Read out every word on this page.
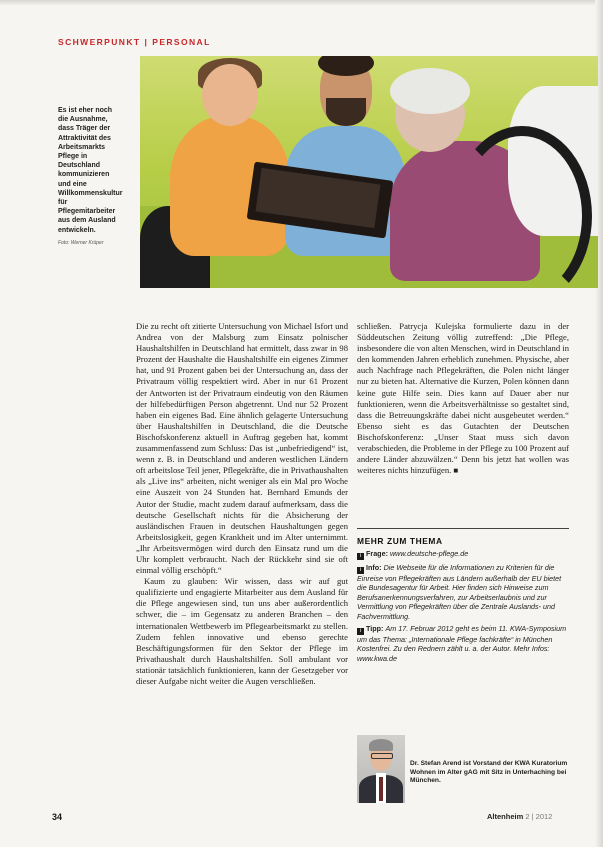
SCHWERPUNKT | PERSONAL
Es ist eher noch die Ausnahme, dass Träger der Attraktivität des Arbeitsmarkts Pflege in Deutschland kommunizieren und eine Willkommenskultur für Pflegemitarbeiter aus dem Ausland entwickeln.
Foto: Werner Krüper

Die zu recht oft zitierte Untersuchung von Michael Isfort und Andrea von der Malsburg zum Einsatz polnischer Haushaltshilfen in Deutschland hat ermittelt, dass zwar in 98 Prozent der Haushalte die Haushaltshilfe ein eigenes Zimmer hat, und 91 Prozent gaben bei der Untersuchung an, dass der Privatraum völlig respektiert wird. Aber in nur 61 Prozent der Antworten ist der Privatraum eindeutig von den Räumen der hilfebedürftigen Person abgetrennt. Und nur 52 Prozent haben ein eigenes Bad. Eine ähnlich gelagerte Untersuchung über Haushaltshilfen in Deutschland, die die Deutsche Bischofskonferenz aktuell in Auftrag gegeben hat, kommt zusammenfassend zum Schluss: Das ist „unbefriedigend“ ist, wenn z. B. in Deutschland und anderen westlichen Ländern oft arbeitslose Teil jener, Pflegekräfte, die in Privathaushalten als „Live ins“ arbeiten, nicht weniger als ein Mal pro Woche eine Auszeit von 24 Stunden hat. Bernhard Emunds der Autor der Studie, macht zudem darauf aufmerksam, dass die deutsche Gesellschaft nichts für die Absicherung der ausländischen Frauen in deutschen Haushaltungen gegen Arbeitslosigkeit, gegen Krankheit und im Alter unternimmt. „Ihr Arbeitsvermögen wird durch den Einsatz rund um die Uhr komplett verbraucht. Nach der Rückkehr sind sie oft einmal völlig erschöpft.“

Kaum zu glauben: Wir wissen, dass wir auf gut qualifizierte und engagierte Mitarbeiter aus dem Ausland für die Pflege angewiesen sind, tun uns aber außerordentlich schwer, die – im Gegensatz zu anderen Branchen – den internationalen Wettbewerb im Pflegearbeitsmarkt zu stellen. Zudem fehlen innovative und ebenso gerechte Beschäftigungsformen für den Sektor der Pflege im Privathaushalt durch Haushaltshilfen. Soll ambulant vor stationär tatsächlich funktionieren, kann der Gesetzgeber vor dieser Aufgabe nicht weiter die Augen verschließen.

schließen. Patrycja Kulejska formulierte dazu in der Süddeutschen Zeitung völlig zutreffend: „Die Pflege, insbesondere die von alten Menschen, wird in Deutschland in den kommenden Jahren erheblich zunehmen. Physische, aber auch Nachfrage nach Pflegekräften, die Polen nicht länger nur zu bieten hat. Alternative die Kurzen, Polen können dann keine gute Hilfe sein. Dies kann auf Dauer aber nur funktionieren, wenn die Arbeitsverhältnisse so gestaltet sind, dass die Betreuungskräfte dabei nicht ausgebeutet werden.“ Ebenso sieht es das Gutachten der Deutschen Bischofskonferenz: „Unser Staat muss sich davon verabschieden, die Probleme in der Pflege zu 100 Prozent auf andere Länder abzuwälzen.“ Denn bis jetzt hat wollen was weiteres nichts hinzufügen. ■

MEHR ZUM THEMA
i Frage: www.deutsche-pflege.de
i Info: Die Webseite für die Informationen zu Kriterien für die Einreise von Pflegekräften aus Ländern außerhalb der EU bietet die Bundesagentur für Arbeit. Hier finden sich Hinweise zum Berufsanerkennungsverfahren, zur Arbeitserlaubnis und zur Vermittlung von Pflegekräften über die Zentrale Auslands- und Fachvermittlung.
i Tipp: Am 17. Februar 2012 geht es beim 11. KWA-Symposium um das Thema: „Internationale Pflege fachkräfte“ in München Kostenfrei. Zu den Rednern zählt u. a. der Autor. Mehr Infos: www.kwa.de
Dr. Stefan Arend ist Vorstand der KWA Kuratorium Wohnen im Alter gAG mit Sitz in Unterhaching bei München.
34	Altenheim 2 | 2012
